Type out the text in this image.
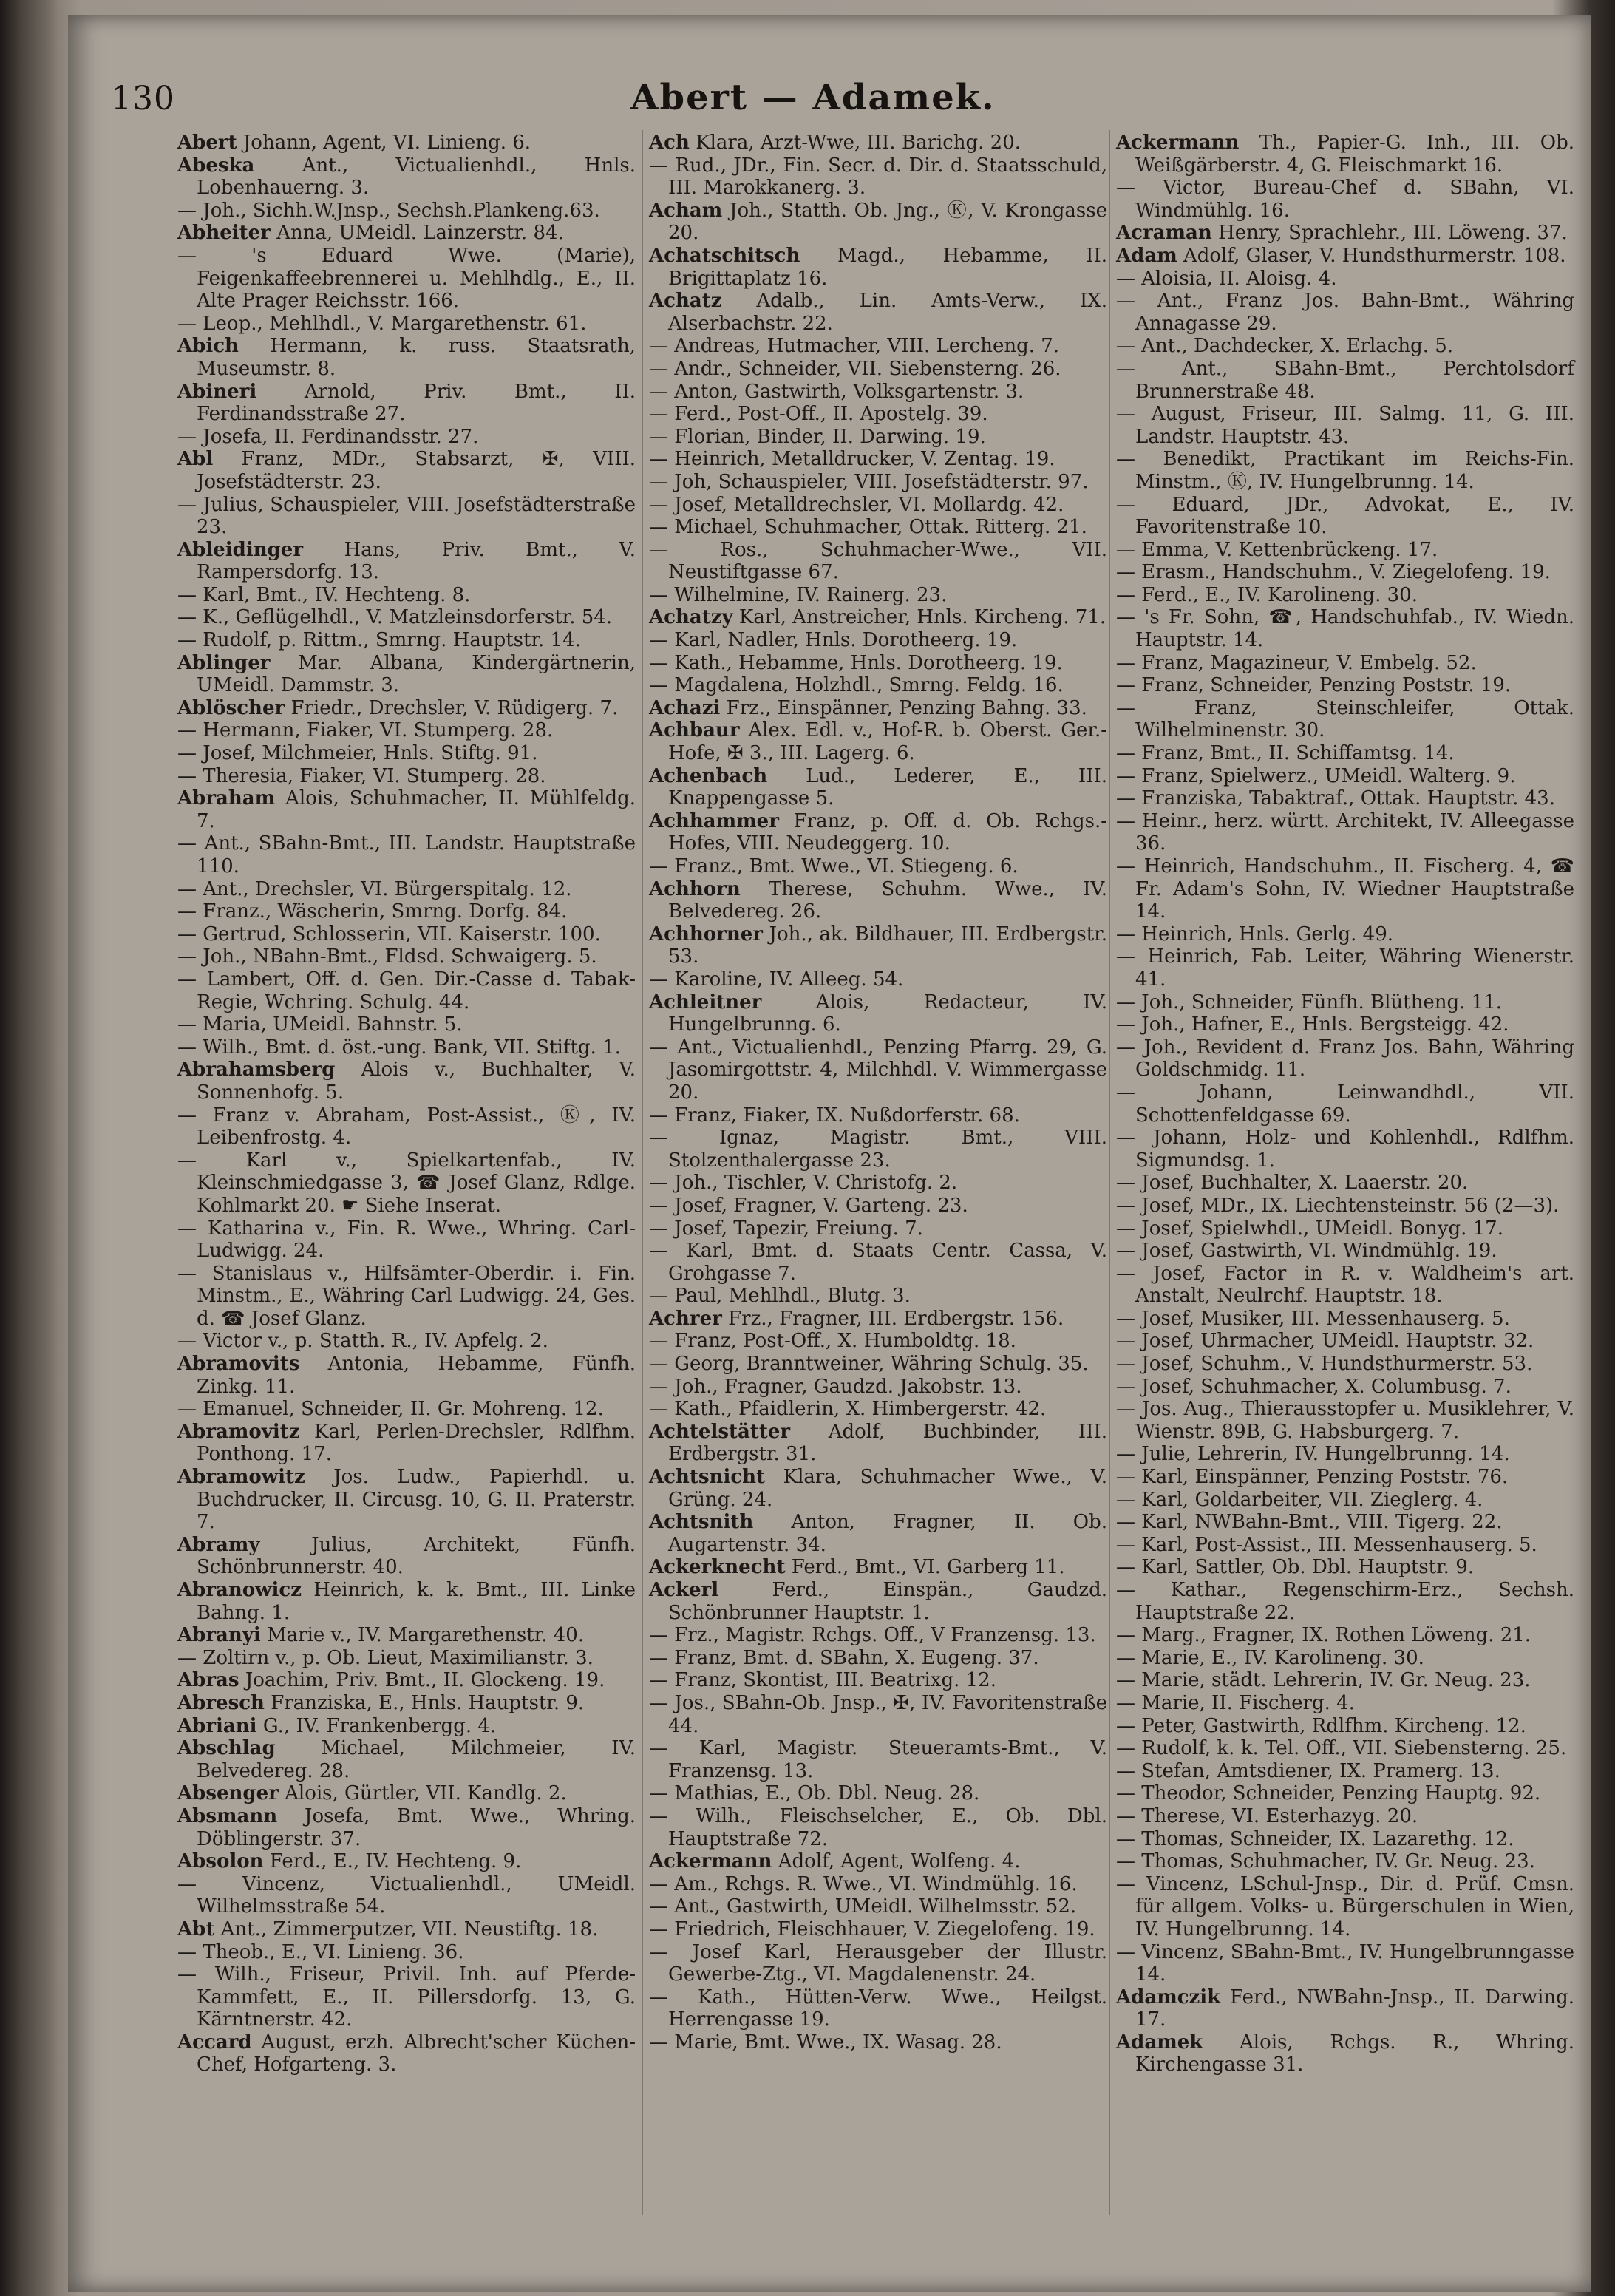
130	Abert — Adamek.
Abert Johann, Agent, VI. Linieng. 6.
Abeska Ant., Victualienhdl., Hnls. Lobenhauerng. 3.
— Joh., Sichh.W.Jnsp., Sechsh.Plankeng.63.
Abheiter Anna, UMeidl. Lainzerstr. 84.
— 's Eduard Wwe. (Marie), Feigenkaffeebrennerei u. Mehlhdlg., E., II. Alte Prager Reichsstr. 166.
— Leop., Mehlhdl., V. Margarethenstr. 61.
Abich Hermann, k. russ. Staatsrath, Museumstr. 8.
Abineri Arnold, Priv. Bmt., II. Ferdinandsstraße 27.
— Josefa, II. Ferdinandsstr. 27.
Abl Franz, MDr., Stabsarzt, ✠, VIII. Josefstädterstr. 23.
— Julius, Schauspieler, VIII. Josefstädterstraße 23.
Ableidinger Hans, Priv. Bmt., V. Rampersdorfg. 13.
— Karl, Bmt., IV. Hechteng. 8.
— K., Geflügelhdl., V. Matzleinsdorferstr. 54.
— Rudolf, p. Rittm., Smrng. Hauptstr. 14.
Ablinger Mar. Albana, Kindergärtnerin, UMeidl. Dammstr. 3.
Ablöscher Friedr., Drechsler, V. Rüdigerg. 7.
— Hermann, Fiaker, VI. Stumperg. 28.
— Josef, Milchmeier, Hnls. Stiftg. 91.
— Theresia, Fiaker, VI. Stumperg. 28.
Abraham Alois, Schuhmacher, II. Mühlfeldg. 7.
— Ant., SBahn-Bmt., III. Landstr. Hauptstraße 110.
— Ant., Drechsler, VI. Bürgerspitalg. 12.
— Franz., Wäscherin, Smrng. Dorfg. 84.
— Gertrud, Schlosserin, VII. Kaiserstr. 100.
— Joh., NBahn-Bmt., Fldsd. Schwaigerg. 5.
— Lambert, Off. d. Gen. Dir.-Casse d. Tabak-Regie, Wchring. Schulg. 44.
— Maria, UMeidl. Bahnstr. 5.
— Wilh., Bmt. d. öst.-ung. Bank, VII. Stiftg. 1.
Abrahamsberg Alois v., Buchhalter, V. Sonnenhofg. 5.
— Franz v. Abraham, Post-Assist., Ⓚ, IV. Leibenfrostg. 4.
— Karl v., Spielkartenfab., IV. Kleinschmiedgasse 3, ☎ Josef Glanz, Rdlge. Kohlmarkt 20. ☛ Siehe Inserat.
— Katharina v., Fin. R. Wwe., Whring. Carl-Ludwigg. 24.
— Stanislaus v., Hilfsämter-Oberdir. i. Fin. Minstm., E., Währing Carl Ludwigg. 24, Ges. d. ☎ Josef Glanz.
— Victor v., p. Statth. R., IV. Apfelg. 2.
Abramovits Antonia, Hebamme, Fünfh. Zinkg. 11.
— Emanuel, Schneider, II. Gr. Mohreng. 12.
Abramovitz Karl, Perlen-Drechsler, Rdlfhm. Ponthong. 17.
Abramowitz Jos. Ludw., Papierhdl. u. Buchdrucker, II. Circusg. 10, G. II. Praterstr. 7.
Abramy	Julius, Architekt, Fünfh. Schönbrunnerstr. 40.
Abranowicz Heinrich, k. k. Bmt., III. Linke Bahng. 1.
Abranyi Marie v., IV. Margarethenstr. 40.
— Zoltirn v., p. Ob. Lieut, Maximilianstr. 3.
Abras Joachim, Priv. Bmt., II. Glockeng. 19.
Abresch Franziska, E., Hnls. Hauptstr. 9.
Abriani G., IV. Frankenbergg. 4.
Abschlag Michael, Milchmeier, IV. Belvedereg. 28.
Absenger Alois, Gürtler, VII. Kandlg. 2.
Absmann Josefa, Bmt. Wwe., Whring. Döblingerstr. 37.
Absolon Ferd., E., IV. Hechteng. 9.
— Vincenz, Victualienhdl., UMeidl. Wilhelmsstraße 54.
Abt Ant., Zimmerputzer, VII. Neustiftg. 18.
— Theob., E., VI. Linieng. 36.
— Wilh., Friseur, Privil. Inh. auf Pferde-Kammfett, E., II. Pillersdorfg. 13, G. Kärntnerstr. 42.
Accard August, erzh. Albrecht'scher Küchen-Chef, Hofgarteng. 3.
Ach Klara, Arzt-Wwe, III. Barichg. 20.
— Rud., JDr., Fin. Secr. d. Dir. d. Staatsschuld, III. Marokkanerg. 3.
Acham Joh., Statth. Ob. Jng., Ⓚ, V. Krongasse 20.
Achatschitsch Magd., Hebamme, II. Brigittaplatz 16.
Achatz Adalb., Lin. Amts-Verw., IX. Alserbachstr. 22.
— Andreas, Hutmacher, VIII. Lercheng. 7.
— Andr., Schneider, VII. Siebensterng. 26.
— Anton, Gastwirth, Volksgartenstr. 3.
— Ferd., Post-Off., II. Apostelg. 39.
— Florian, Binder, II. Darwing. 19.
— Heinrich, Metalldrucker, V. Zentag. 19.
— Joh, Schauspieler, VIII. Josefstädterstr. 97.
— Josef, Metalldrechsler, VI. Mollardg. 42.
— Michael, Schuhmacher, Ottak. Ritterg. 21.
— Ros., Schuhmacher-Wwe., VII. Neustiftgasse 67.
— Wilhelmine, IV. Rainerg. 23.
Achatzy Karl, Anstreicher, Hnls. Kircheng. 71.
— Karl, Nadler, Hnls. Dorotheerg. 19.
— Kath., Hebamme, Hnls. Dorotheerg. 19.
— Magdalena, Holzhdl., Smrng. Feldg. 16.
Achazi Frz., Einspänner, Penzing Bahng. 33.
Achbaur Alex. Edl. v., Hof-R. b. Oberst. Ger.-Hofe, ✠ 3., III. Lagerg. 6.
Achenbach Lud., Lederer, E., III. Knappengasse 5.
Achhammer Franz, p. Off. d. Ob. Rchgs.-Hofes, VIII. Neudeggerg. 10.
— Franz., Bmt. Wwe., VI. Stiegeng. 6.
Achhorn Therese, Schuhm. Wwe., IV. Belvedereg. 26.
Achhorner Joh., ak. Bildhauer, III. Erdbergstr. 53.
— Karoline, IV. Alleeg. 54.
Achleitner	Alois, Redacteur, IV. Hungelbrunng. 6.
— Ant., Victualienhdl., Penzing Pfarrg. 29, G. Jasomirgottstr. 4, Milchhdl. V. Wimmergasse 20.
— Franz, Fiaker, IX. Nußdorferstr. 68.
— Ignaz, Magistr. Bmt., VIII. Stolzenthalergasse 23.
— Joh., Tischler, V. Christofg. 2.
— Josef, Fragner, V. Garteng. 23.
— Josef, Tapezir, Freiung. 7.
— Karl, Bmt. d. Staats Centr. Cassa, V. Grohgasse 7.
— Paul, Mehlhdl., Blutg. 3.
Achrer Frz., Fragner, III. Erdbergstr. 156.
— Franz, Post-Off., X. Humboldtg. 18.
— Georg, Branntweiner, Währing Schulg. 35.
— Joh., Fragner, Gaudzd. Jakobstr. 13.
— Kath., Pfaidlerin, X. Himbergerstr. 42.
Achtelstätter Adolf, Buchbinder, III. Erdbergstr. 31.
Achtsnicht Klara, Schuhmacher Wwe., V. Grüng. 24.
Achtsnith Anton, Fragner, II. Ob. Augartenstr. 34.
Ackerknecht Ferd., Bmt., VI. Garberg 11.
Ackerl	Ferd., Einspän., Gaudzd. Schönbrunner Hauptstr. 1.
— Frz., Magistr. Rchgs. Off., V Franzensg. 13.
— Franz, Bmt. d. SBahn, X. Eugeng. 37.
— Franz, Skontist, III. Beatrixg. 12.
— Jos., SBahn-Ob. Jnsp., ✠, IV. Favoritenstraße 44.
— Karl, Magistr. Steueramts-Bmt., V. Franzensg. 13.
— Mathias, E., Ob. Dbl. Neug. 28.
— Wilh., Fleischselcher, E., Ob. Dbl. Hauptstraße 72.
Ackermann Adolf, Agent, Wolfeng. 4.
— Am., Rchgs. R. Wwe., VI. Windmühlg. 16.
— Ant., Gastwirth, UMeidl. Wilhelmsstr. 52.
— Friedrich, Fleischhauer, V. Ziegelofeng. 19.
— Josef Karl, Herausgeber der Illustr. Gewerbe-Ztg., VI. Magdalenenstr. 24.
— Kath., Hütten-Verw. Wwe., Heilgst. Herrengasse 19.
— Marie, Bmt. Wwe., IX. Wasag. 28.
Ackermann Th., Papier-G. Inh., III. Ob. Weißgärberstr. 4, G. Fleischmarkt 16.
— Victor, Bureau-Chef d. SBahn, VI. Windmühlg. 16.
Acraman Henry, Sprachlehr., III. Löweng. 37.
Adam Adolf, Glaser, V. Hundsthurmerstr. 108.
— Aloisia, II. Aloisg. 4.
— Ant., Franz Jos. Bahn-Bmt., Währing Annagasse 29.
— Ant., Dachdecker, X. Erlachg. 5.
— Ant., SBahn-Bmt., Perchtolsdorf Brunnerstraße 48.
— August, Friseur, III. Salmg. 11, G. III. Landstr. Hauptstr. 43.
— Benedikt, Practikant im Reichs-Fin. Minstm., Ⓚ, IV. Hungelbrunng. 14.
— Eduard, JDr., Advokat, E., IV. Favoritenstraße 10.
— Emma, V. Kettenbrückeng. 17.
— Erasm., Handschuhm., V. Ziegelofeng. 19.
— Ferd., E., IV. Karolineng. 30.
— 's Fr. Sohn, ☎, Handschuhfab., IV. Wiedn. Hauptstr. 14.
— Franz, Magazineur, V. Embelg. 52.
— Franz, Schneider, Penzing Poststr. 19.
— Franz, Steinschleifer, Ottak. Wilhelminenstr. 30.
— Franz, Bmt., II. Schiffamtsg. 14.
— Franz, Spielwerz., UMeidl. Walterg. 9.
— Franziska, Tabaktraf., Ottak. Hauptstr. 43.
— Heinr., herz. württ. Architekt, IV. Alleegasse 36.
— Heinrich, Handschuhm., II. Fischerg. 4, ☎ Fr. Adam's Sohn, IV. Wiedner Hauptstraße 14.
— Heinrich, Hnls. Gerlg. 49.
— Heinrich, Fab. Leiter, Währing Wienerstr. 41.
— Joh., Schneider, Fünfh. Blütheng. 11.
— Joh., Hafner, E., Hnls. Bergsteigg. 42.
— Joh., Revident d. Franz Jos. Bahn, Währing Goldschmidg. 11.
— Johann, Leinwandhdl., VII. Schottenfeldgasse 69.
— Johann, Holz- und Kohlenhdl., Rdlfhm. Sigmundsg. 1.
— Josef, Buchhalter, X. Laaerstr. 20.
— Josef, MDr., IX. Liechtensteinstr. 56 (2—3).
— Josef, Spielwhdl., UMeidl. Bonyg. 17.
— Josef, Gastwirth, VI. Windmühlg. 19.
— Josef, Factor in R. v. Waldheim's art. Anstalt, Neulrchf. Hauptstr. 18.
— Josef, Musiker, III. Messenhauserg. 5.
— Josef, Uhrmacher, UMeidl. Hauptstr. 32.
— Josef, Schuhm., V. Hundsthurmerstr. 53.
— Josef, Schuhmacher, X. Columbusg. 7.
— Jos. Aug., Thierausstopfer u. Musiklehrer, V. Wienstr. 89B, G. Habsburgerg. 7.
— Julie, Lehrerin, IV. Hungelbrunng. 14.
— Karl, Einspänner, Penzing Poststr. 76.
— Karl, Goldarbeiter, VII. Zieglerg. 4.
— Karl, NWBahn-Bmt., VIII. Tigerg. 22.
— Karl, Post-Assist., III. Messenhauserg. 5.
— Karl, Sattler, Ob. Dbl. Hauptstr. 9.
— Kathar., Regenschirm-Erz., Sechsh. Hauptstraße 22.
— Marg., Fragner, IX. Rothen Löweng. 21.
— Marie, E., IV. Karolineng. 30.
— Marie, städt. Lehrerin, IV. Gr. Neug. 23.
— Marie, II. Fischerg. 4.
— Peter, Gastwirth, Rdlfhm. Kircheng. 12.
— Rudolf, k. k. Tel. Off., VII. Siebensterng. 25.
— Stefan, Amtsdiener, IX. Pramerg. 13.
— Theodor, Schneider, Penzing Hauptg. 92.
— Therese, VI. Esterhazyg. 20.
— Thomas, Schneider, IX. Lazarethg. 12.
— Thomas, Schuhmacher, IV. Gr. Neug. 23.
— Vincenz, LSchul-Jnsp., Dir. d. Prüf. Cmsn. für allgem. Volks- u. Bürgerschulen in Wien, IV. Hungelbrunng. 14.
— Vincenz, SBahn-Bmt., IV. Hungelbrunngasse 14.
Adamczik Ferd., NWBahn-Jnsp., II. Darwing. 17.
Adamek Alois, Rchgs. R., Whring. Kirchengasse 31.
